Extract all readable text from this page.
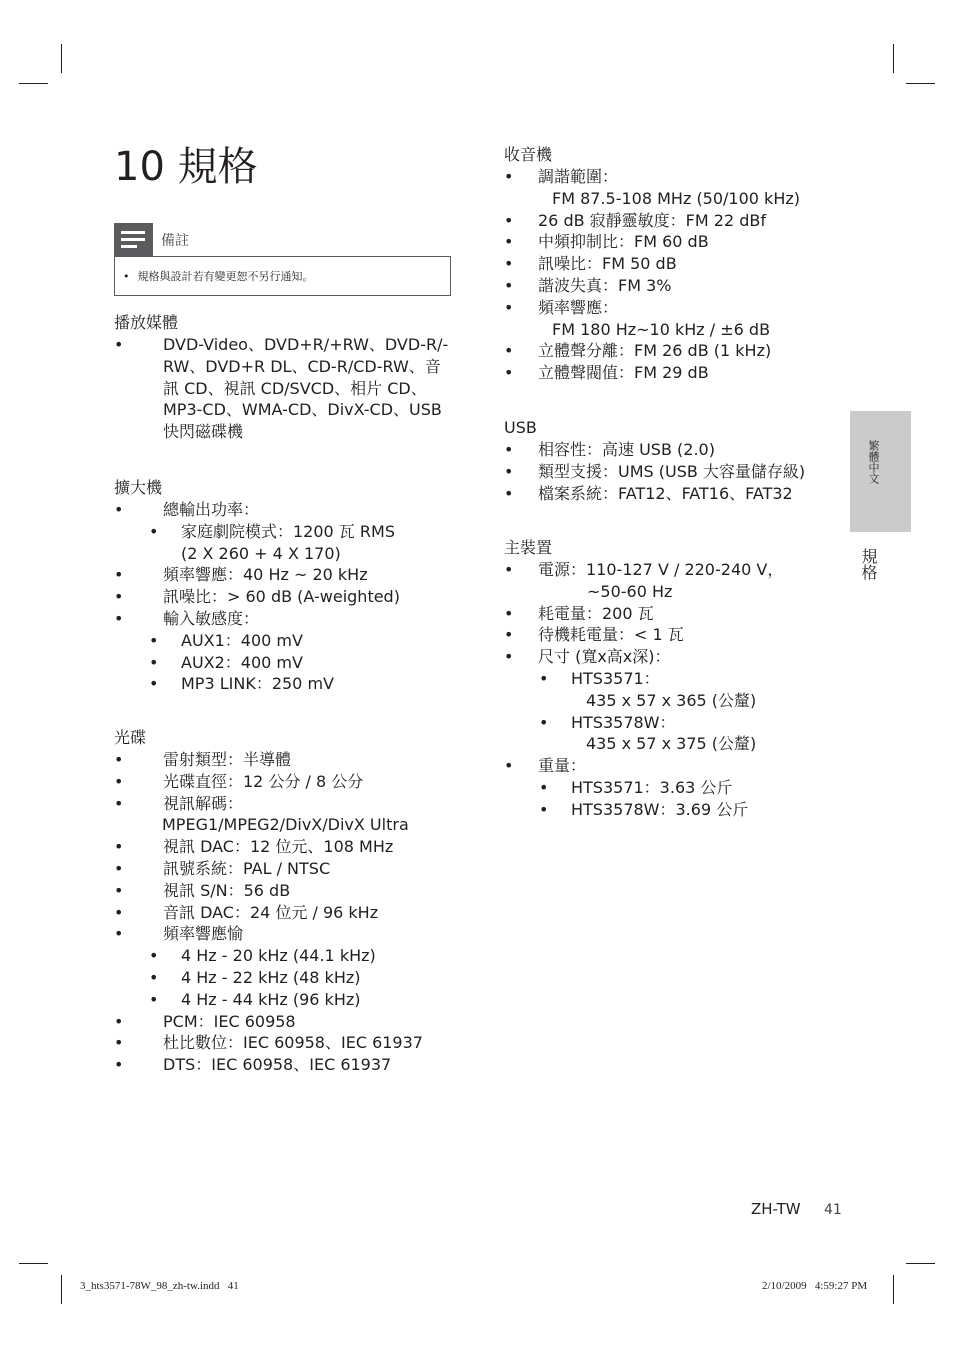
10 規格
備註
• 規格與設計若有變更恕不另行通知。
播放媒體
• DVD-Video、DVD+R/+RW、DVD-R/-
RW、DVD+R DL、CD-R/CD-RW、音
訊 CD、視訊 CD/SVCD、相片 CD、
MP3-CD、WMA-CD、DivX-CD、USB
快閃磁碟機
擴大機
• 總輸出功率：
• 家庭劇院模式：1200 瓦 RMS
(2 X 260 + 4 X 170)
• 頻率響應：40 Hz ~ 20 kHz
• 訊噪比：> 60 dB (A-weighted)
• 輸入敏感度：
• AUX1：400 mV
• AUX2：400 mV
• MP3 LINK：250 mV
光碟
• 雷射類型：半導體
• 光碟直徑：12 公分 / 8 公分
• 視訊解碼：
MPEG1/MPEG2/DivX/DivX Ultra
• 視訊 DAC：12 位元、108 MHz
• 訊號系統：PAL / NTSC
• 視訊 S/N：56 dB
• 音訊 DAC：24 位元 / 96 kHz
• 頻率響應愉
• 4 Hz - 20 kHz (44.1 kHz)
• 4 Hz - 22 kHz (48 kHz)
• 4 Hz - 44 kHz (96 kHz)
• PCM：IEC 60958
• 杜比數位：IEC 60958、IEC 61937
• DTS：IEC 60958、IEC 61937
收音機
• 調諧範圍：
FM 87.5-108 MHz (50/100 kHz)
• 26 dB 寂靜靈敏度：FM 22 dBf
• 中頻抑制比：FM 60 dB
• 訊噪比：FM 50 dB
• 諧波失真：FM 3%
• 頻率響應：
FM 180 Hz~10 kHz / ±6 dB
• 立體聲分離：FM 26 dB (1 kHz)
• 立體聲閥值：FM 29 dB
USB
• 相容性：高速 USB (2.0)
• 類型支援：UMS (USB 大容量儲存級)
• 檔案系統：FAT12、FAT16、FAT32
主裝置
• 電源：110-127 V / 220-240 V，
~50-60 Hz
• 耗電量：200 瓦
• 待機耗電量：< 1 瓦
• 尺寸 (寬x高x深)：
• HTS3571：
435 x 57 x 365 (公釐)
• HTS3578W：
435 x 57 x 375 (公釐)
• 重量：
• HTS3571：3.63 公斤
• HTS3578W：3.69 公斤
繁體中文
規格
ZH-TW 41
3_hts3571-78W_98_zh-tw.indd   41	2/10/2009   4:59:27 PM
